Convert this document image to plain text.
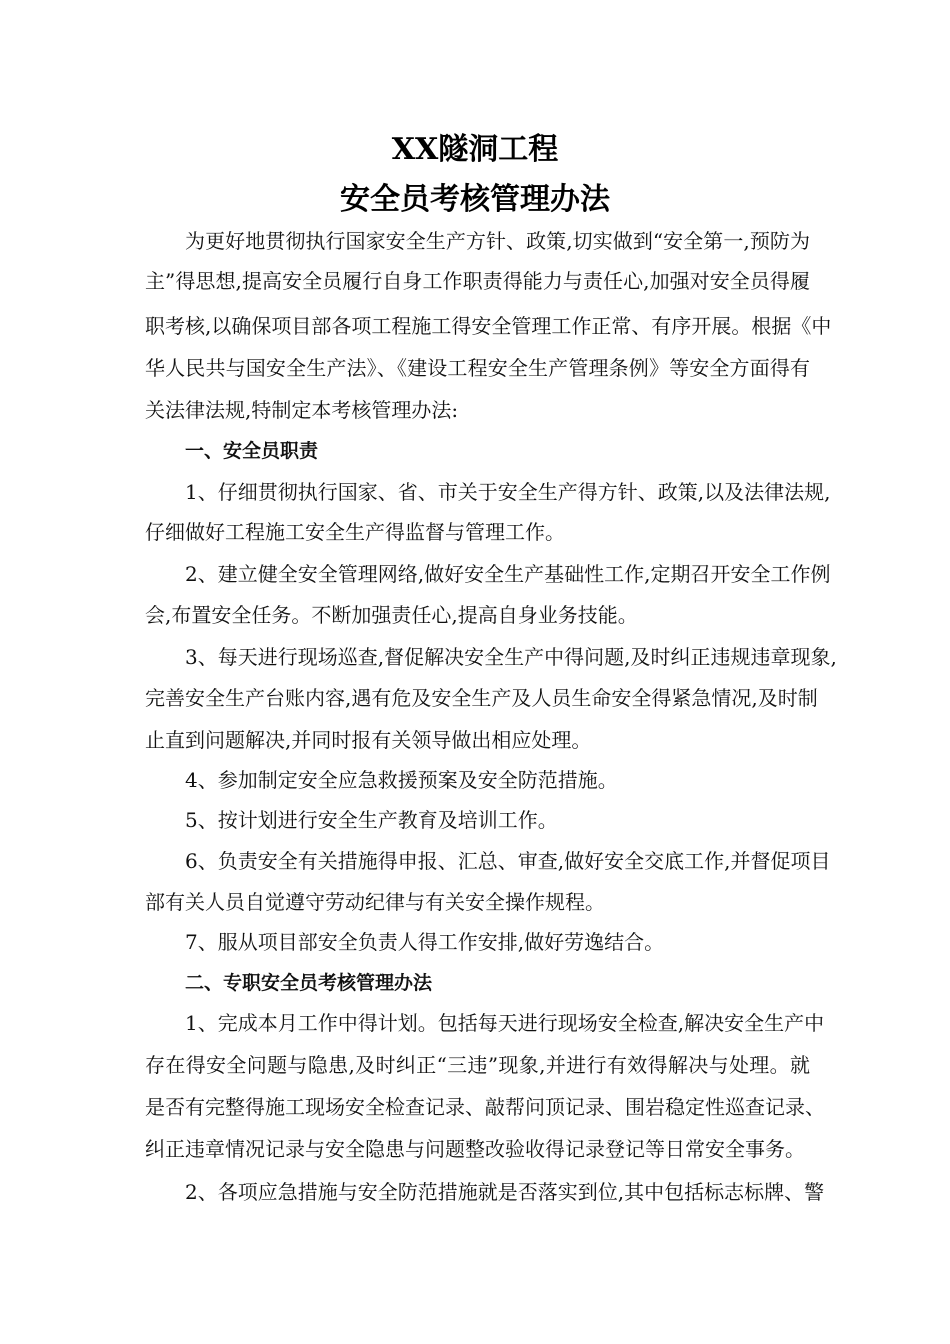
XX隧洞工程
安全员考核管理办法
为更好地贯彻执行国家安全生产方针、政策,切实做到“安全第一,预防为
主”得思想,提高安全员履行自身工作职责得能力与责任心,加强对安全员得履
职考核,以确保项目部各项工程施工得安全管理工作正常、有序开展。根据《中
华人民共与国安全生产法》、《建设工程安全生产管理条例》等安全方面得有
关法律法规,特制定本考核管理办法:
一、安全员职责
1、仔细贯彻执行国家、省、市关于安全生产得方针、政策,以及法律法规,
仔细做好工程施工安全生产得监督与管理工作。
2、建立健全安全管理网络,做好安全生产基础性工作,定期召开安全工作例
会,布置安全任务。不断加强责任心,提高自身业务技能。
3、每天进行现场巡查,督促解决安全生产中得问题,及时纠正违规违章现象,
完善安全生产台账内容,遇有危及安全生产及人员生命安全得紧急情况,及时制
止直到问题解决,并同时报有关领导做出相应处理。
4、参加制定安全应急救援预案及安全防范措施。
5、按计划进行安全生产教育及培训工作。
6、负责安全有关措施得申报、汇总、审查,做好安全交底工作,并督促项目
部有关人员自觉遵守劳动纪律与有关安全操作规程。
7、服从项目部安全负责人得工作安排,做好劳逸结合。
二、专职安全员考核管理办法
1、完成本月工作中得计划。包括每天进行现场安全检查,解决安全生产中
存在得安全问题与隐患,及时纠正“三违”现象,并进行有效得解决与处理。就
是否有完整得施工现场安全检查记录、敲帮问顶记录、围岩稳定性巡查记录、
纠正违章情况记录与安全隐患与问题整改验收得记录登记等日常安全事务。
2、各项应急措施与安全防范措施就是否落实到位,其中包括标志标牌、警
